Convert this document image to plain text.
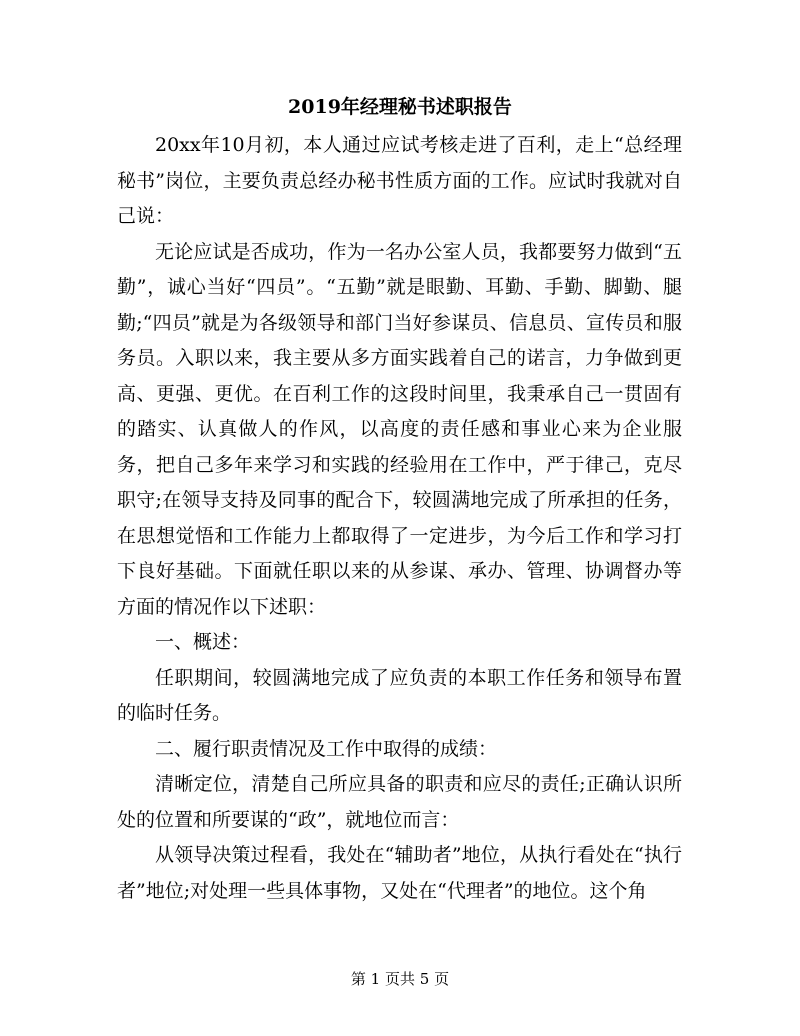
2019年经理秘书述职报告

20xx年10月初，本人通过应试考核走进了百利，走上“总经理秘书”岗位，主要负责总经办秘书性质方面的工作。应试时我就对自己说：

无论应试是否成功，作为一名办公室人员，我都要努力做到“五勤”，诚心当好“四员”。“五勤”就是眼勤、耳勤、手勤、脚勤、腿勤;“四员”就是为各级领导和部门当好参谋员、信息员、宣传员和服务员。入职以来，我主要从多方面实践着自己的诺言，力争做到更高、更强、更优。在百利工作的这段时间里，我秉承自己一贯固有的踏实、认真做人的作风，以高度的责任感和事业心来为企业服务，把自己多年来学习和实践的经验用在工作中，严于律己，克尽职守;在领导支持及同事的配合下，较圆满地完成了所承担的任务，在思想觉悟和工作能力上都取得了一定进步，为今后工作和学习打下良好基础。下面就任职以来的从参谋、承办、管理、协调督办等方面的情况作以下述职：

一、概述：

任职期间，较圆满地完成了应负责的本职工作任务和领导布置的临时任务。

二、履行职责情况及工作中取得的成绩：

清晰定位，清楚自己所应具备的职责和应尽的责任;正确认识所处的位置和所要谋的“政”，就地位而言：

从领导决策过程看，我处在“辅助者”地位，从执行看处在“执行者”地位;对处理一些具体事物，又处在“代理者”的地位。这个角

第 1 页共 5 页
